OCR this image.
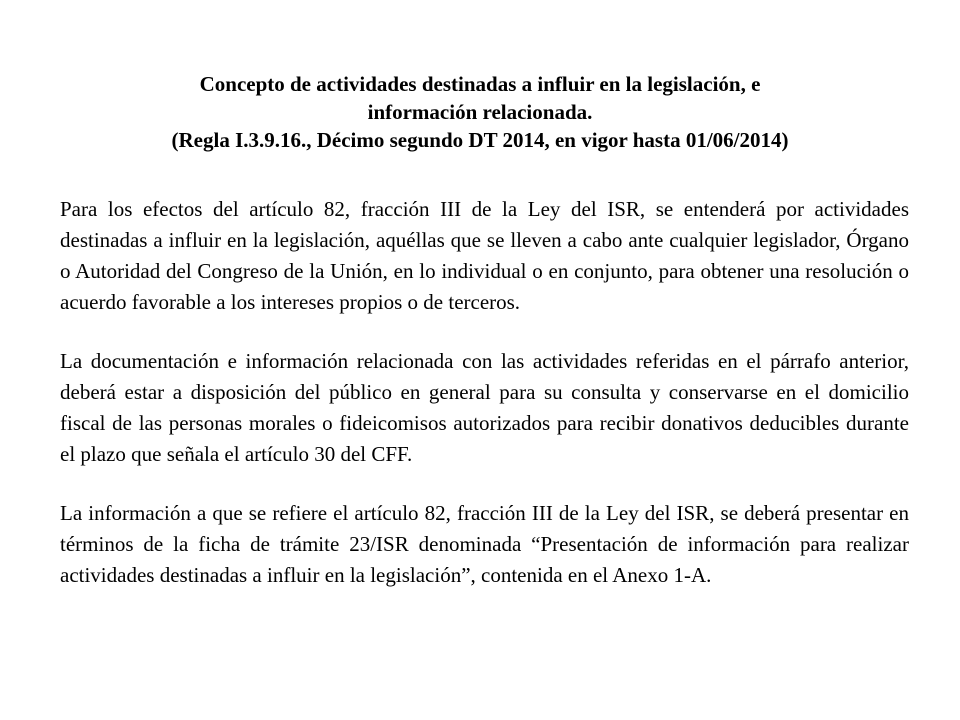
Concepto de actividades destinadas a influir en la legislación, e
información relacionada.
(Regla I.3.9.16., Décimo segundo DT 2014, en vigor hasta 01/06/2014)

Para los efectos del artículo 82, fracción III de la Ley del ISR, se entenderá por actividades destinadas a influir en la legislación, aquéllas que se lleven a cabo ante cualquier legislador, Órgano o Autoridad del Congreso de la Unión, en lo individual o en conjunto, para obtener una resolución o acuerdo favorable a los intereses propios o de terceros.

La documentación e información relacionada con las actividades referidas en el párrafo anterior, deberá estar a disposición del público en general para su consulta y conservarse en el domicilio fiscal de las personas morales o fideicomisos autorizados para recibir donativos deducibles durante el plazo que señala el artículo 30 del CFF.

La información a que se refiere el artículo 82, fracción III de la Ley del ISR, se deberá presentar en términos de la ficha de trámite 23/ISR denominada “Presentación de información para realizar actividades destinadas a influir en la legislación”, contenida en el Anexo 1-A.
